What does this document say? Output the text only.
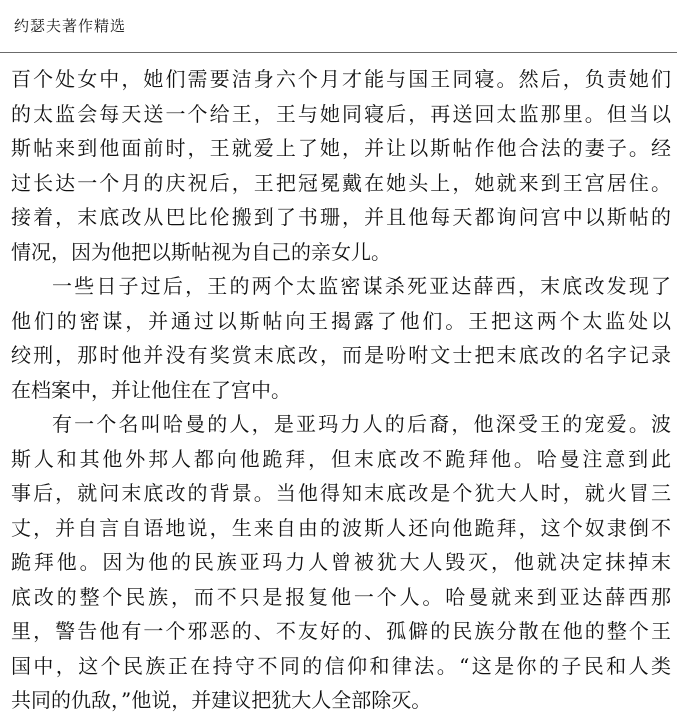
约瑟夫著作精选
百个处女中，她们需要洁身六个月才能与国王同寝。然后，负责她们
的太监会每天送一个给王，王与她同寝后，再送回太监那里。但当以
斯帖来到他面前时，王就爱上了她，并让以斯帖作他合法的妻子。经
过长达一个月的庆祝后，王把冠冕戴在她头上，她就来到王宫居住。
接着，末底改从巴比伦搬到了书珊，并且他每天都询问宫中以斯帖的
情况，因为他把以斯帖视为自己的亲女儿。
一些日子过后，王的两个太监密谋杀死亚达薛西，末底改发现了
他们的密谋，并通过以斯帖向王揭露了他们。王把这两个太监处以
绞刑，那时他并没有奖赏末底改，而是吩咐文士把末底改的名字记录
在档案中，并让他住在了宫中。
有一个名叫哈曼的人，是亚玛力人的后裔，他深受王的宠爱。波
斯人和其他外邦人都向他跪拜，但末底改不跪拜他。哈曼注意到此
事后，就问末底改的背景。当他得知末底改是个犹大人时，就火冒三
丈，并自言自语地说，生来自由的波斯人还向他跪拜，这个奴隶倒不
跪拜他。因为他的民族亚玛力人曾被犹大人毁灭，他就决定抹掉末
底改的整个民族，而不只是报复他一个人。哈曼就来到亚达薛西那
里，警告他有一个邪恶的、不友好的、孤僻的民族分散在他的整个王
国中，这个民族正在持守不同的信仰和律法。“这是你的子民和人类
共同的仇敌，”他说，并建议把犹大人全部除灭。
